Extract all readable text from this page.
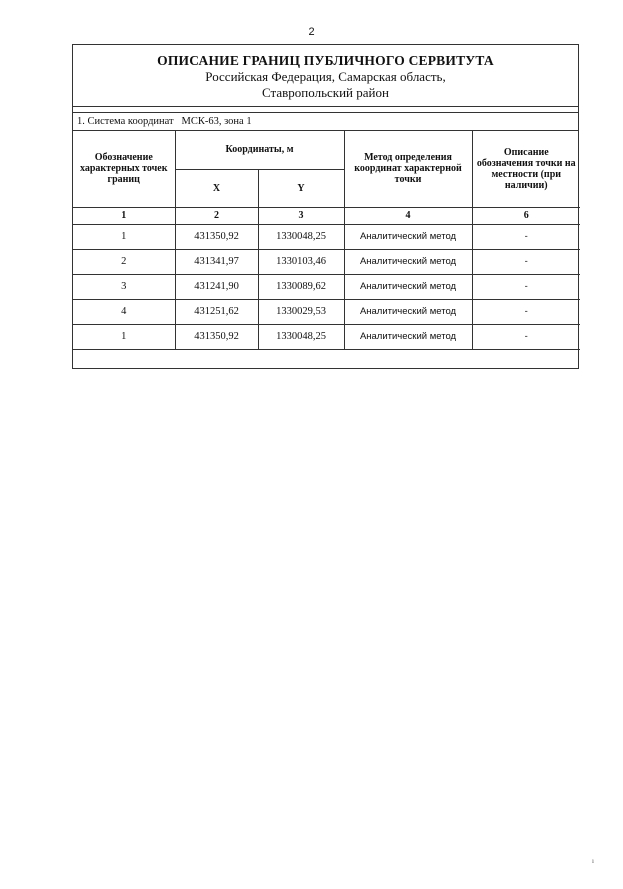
2
ОПИСАНИЕ ГРАНИЦ ПУБЛИЧНОГО СЕРВИТУТА
Российская Федерация, Самарская область,
Ставропольский район
1. Система координат   МСК-63, зона 1
Обозначение характерных точек границ	Координаты, м		Метод определения координат характерной точки	Описание обозначения точки на местности (при наличии)
	X	Y		
1	2	3	4	6
1	431350,92	1330048,25	Аналитический метод	-
2	431341,97	1330103,46	Аналитический метод	-
3	431241,90	1330089,62	Аналитический метод	-
4	431251,62	1330029,53	Аналитический метод	-
1	431350,92	1330048,25	Аналитический метод	-

ı
